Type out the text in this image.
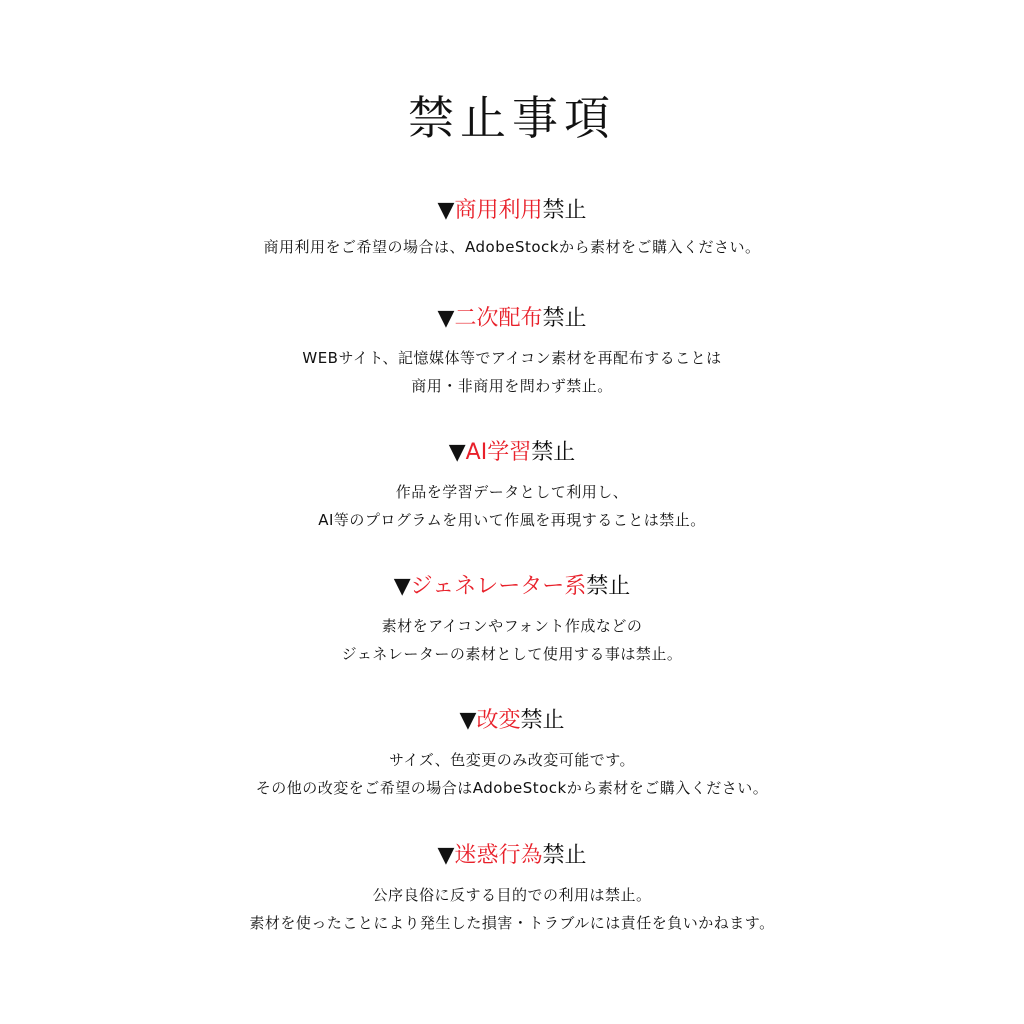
禁止事項
▼商用利用禁止
商用利用をご希望の場合は、AdobeStockから素材をご購入ください。
▼二次配布禁止
WEBサイト、記憶媒体等でアイコン素材を再配布することは
商用・非商用を問わず禁止。
▼AI学習禁止
作品を学習データとして利用し、
AI等のプログラムを用いて作風を再現することは禁止。
▼ジェネレーター系禁止
素材をアイコンやフォント作成などの
ジェネレーターの素材として使用する事は禁止。
▼改変禁止
サイズ、色変更のみ改変可能です。
その他の改変をご希望の場合はAdobeStockから素材をご購入ください。
▼迷惑行為禁止
公序良俗に反する目的での利用は禁止。
素材を使ったことにより発生した損害・トラブルには責任を負いかねます。
